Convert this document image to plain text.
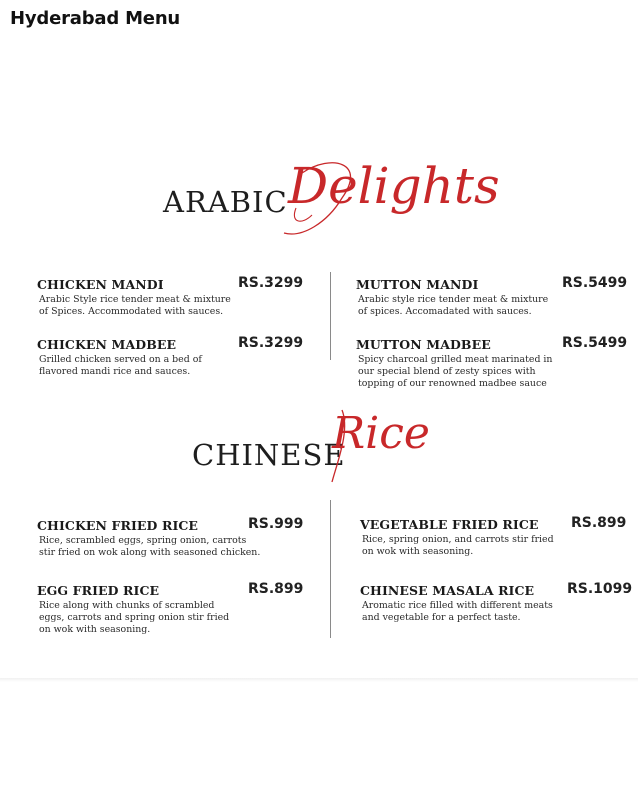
Hyderabad Menu
ARABIC Delights
CHICKEN MANDI	RS.3299
Arabic Style rice tender meat & mixture of Spices. Accommodated with sauces.
CHICKEN MADBEE	RS.3299
Grilled chicken served on a bed of flavored mandi rice and sauces.
MUTTON MANDI	RS.5499
Arabic style rice tender meat & mixture of spices. Accomadated with sauces.
MUTTON MADBEE	RS.5499
Spicy charcoal grilled meat marinated in our special blend of zesty spices with topping of our renowned madbee sauce
CHINESE
Rice
CHICKEN FRIED RICE	RS.999
Rice, scrambled eggs, spring onion, carrots stir fried on wok along with seasoned chicken.
EGG FRIED RICE	RS.899
Rice along with chunks of scrambled eggs, carrots and spring onion stir fried on wok with seasoning.
VEGETABLE FRIED RICE RS.899
Rice, spring onion, and carrots stir fried on wok with seasoning.
CHINESE MASALA RICE RS.1099
Aromatic rice filled with different meats and vegetable for a perfect taste.
